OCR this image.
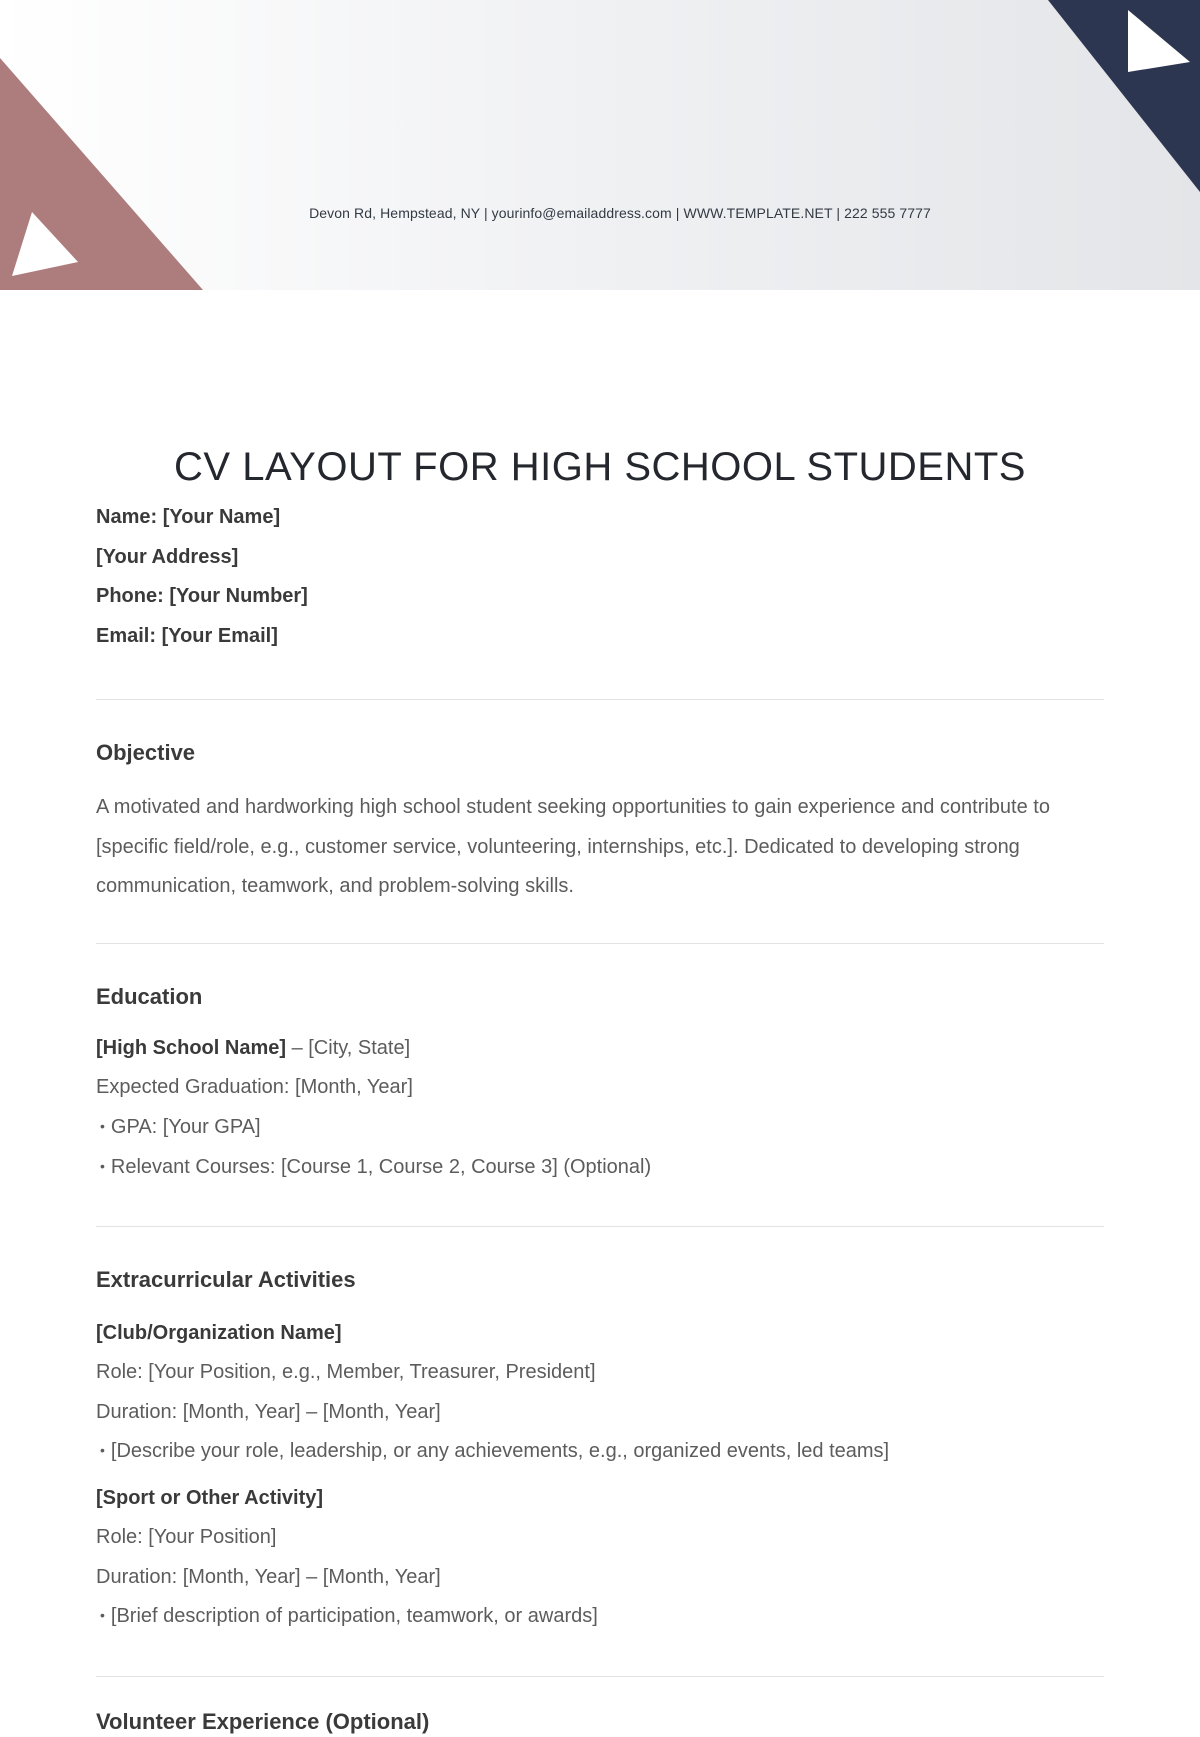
Devon Rd, Hempstead, NY | yourinfo@emailaddress.com | WWW.TEMPLATE.NET | 222 555 7777
CV LAYOUT FOR HIGH SCHOOL STUDENTS
Name: [Your Name]
[Your Address]
Phone: [Your Number]
Email: [Your Email]
Objective
A motivated and hardworking high school student seeking opportunities to gain experience and contribute to [specific field/role, e.g., customer service, volunteering, internships, etc.]. Dedicated to developing strong communication, teamwork, and problem-solving skills.
Education
[High School Name] – [City, State]
Expected Graduation: [Month, Year]
• GPA: [Your GPA]
• Relevant Courses: [Course 1, Course 2, Course 3] (Optional)
Extracurricular Activities
[Club/Organization Name]
Role: [Your Position, e.g., Member, Treasurer, President]
Duration: [Month, Year] – [Month, Year]
• [Describe your role, leadership, or any achievements, e.g., organized events, led teams]
[Sport or Other Activity]
Role: [Your Position]
Duration: [Month, Year] – [Month, Year]
• [Brief description of participation, teamwork, or awards]
Volunteer Experience (Optional)
